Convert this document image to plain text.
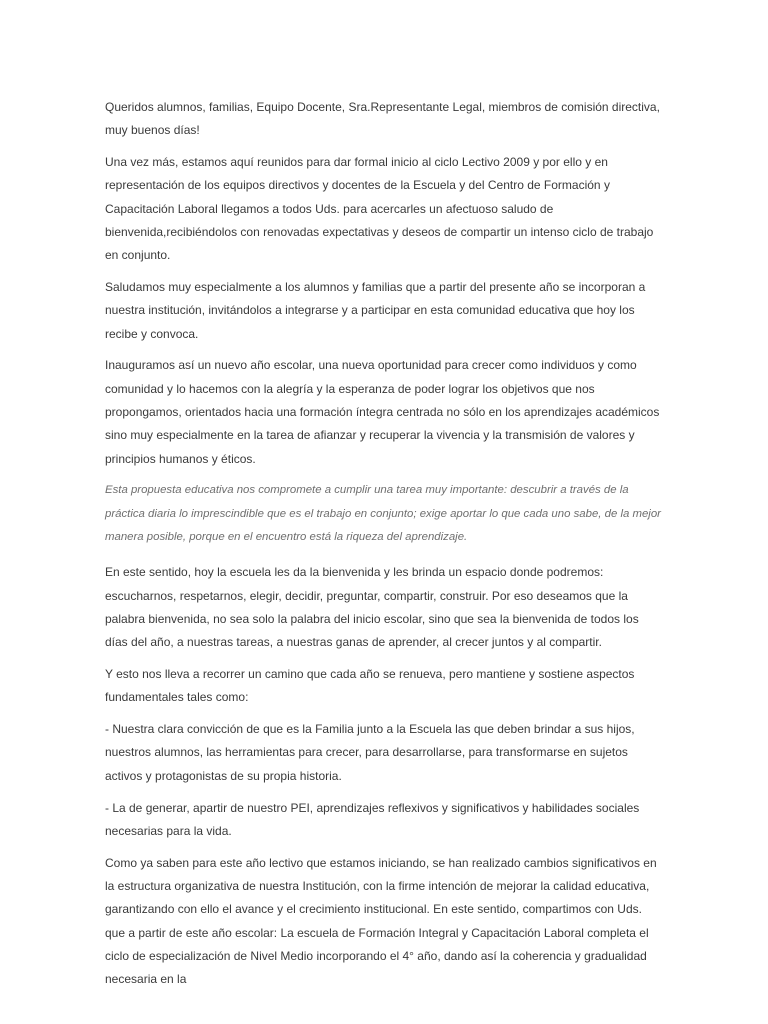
Queridos alumnos, familias, Equipo Docente, Sra.Representante Legal, miembros de comisión directiva, muy buenos días!

Una vez más, estamos aquí reunidos para dar formal inicio al ciclo Lectivo 2009 y por ello y en representación de los equipos directivos y docentes de la Escuela y del Centro de Formación y Capacitación Laboral llegamos a todos Uds. para acercarles un afectuoso saludo de bienvenida,recibiéndolos con renovadas expectativas y deseos de compartir un intenso ciclo de trabajo en conjunto.

Saludamos muy especialmente a los alumnos y familias que a partir del presente año se incorporan a nuestra institución, invitándolos a integrarse y a participar en esta comunidad educativa que hoy los recibe y convoca.

Inauguramos así un nuevo año escolar, una nueva oportunidad para crecer como individuos y como comunidad y lo hacemos con la alegría y la esperanza de poder lograr los objetivos que nos propongamos, orientados hacia una formación íntegra centrada no sólo en los aprendizajes académicos sino muy especialmente en la tarea de afianzar y recuperar la vivencia y la transmisión de valores y principios humanos y éticos.

Esta propuesta educativa nos compromete a cumplir una tarea muy importante: descubrir a través de la práctica diaria lo imprescindible que es el trabajo en conjunto; exige aportar lo que cada uno sabe, de la mejor manera posible, porque en el encuentro está la riqueza del aprendizaje.

En este sentido, hoy la escuela les da la bienvenida y les brinda un espacio donde podremos: escucharnos, respetarnos, elegir, decidir, preguntar, compartir, construir. Por eso deseamos que la palabra bienvenida, no sea solo la palabra del inicio escolar, sino que sea la bienvenida de todos los días del año, a nuestras tareas, a nuestras ganas de aprender, al crecer juntos y al compartir.

Y esto nos lleva a recorrer un camino que cada año se renueva, pero mantiene y sostiene aspectos fundamentales tales como:

- Nuestra clara convicción de que es la Familia junto a la Escuela las que deben brindar a sus hijos, nuestros alumnos, las herramientas para crecer, para desarrollarse, para transformarse en sujetos activos y protagonistas de su propia historia.

- La de generar, apartir de nuestro PEI, aprendizajes reflexivos y significativos y habilidades sociales necesarias para la vida.

Como ya saben para este año lectivo que estamos iniciando, se han realizado cambios significativos en la estructura organizativa de nuestra Institución, con la firme intención de mejorar la calidad educativa, garantizando con ello el avance y el crecimiento institucional. En este sentido, compartimos con Uds. que a partir de este año escolar: La escuela de Formación Integral y Capacitación Laboral completa el ciclo de especialización de Nivel Medio incorporando el 4° año, dando así la coherencia y gradualidad necesaria en la
